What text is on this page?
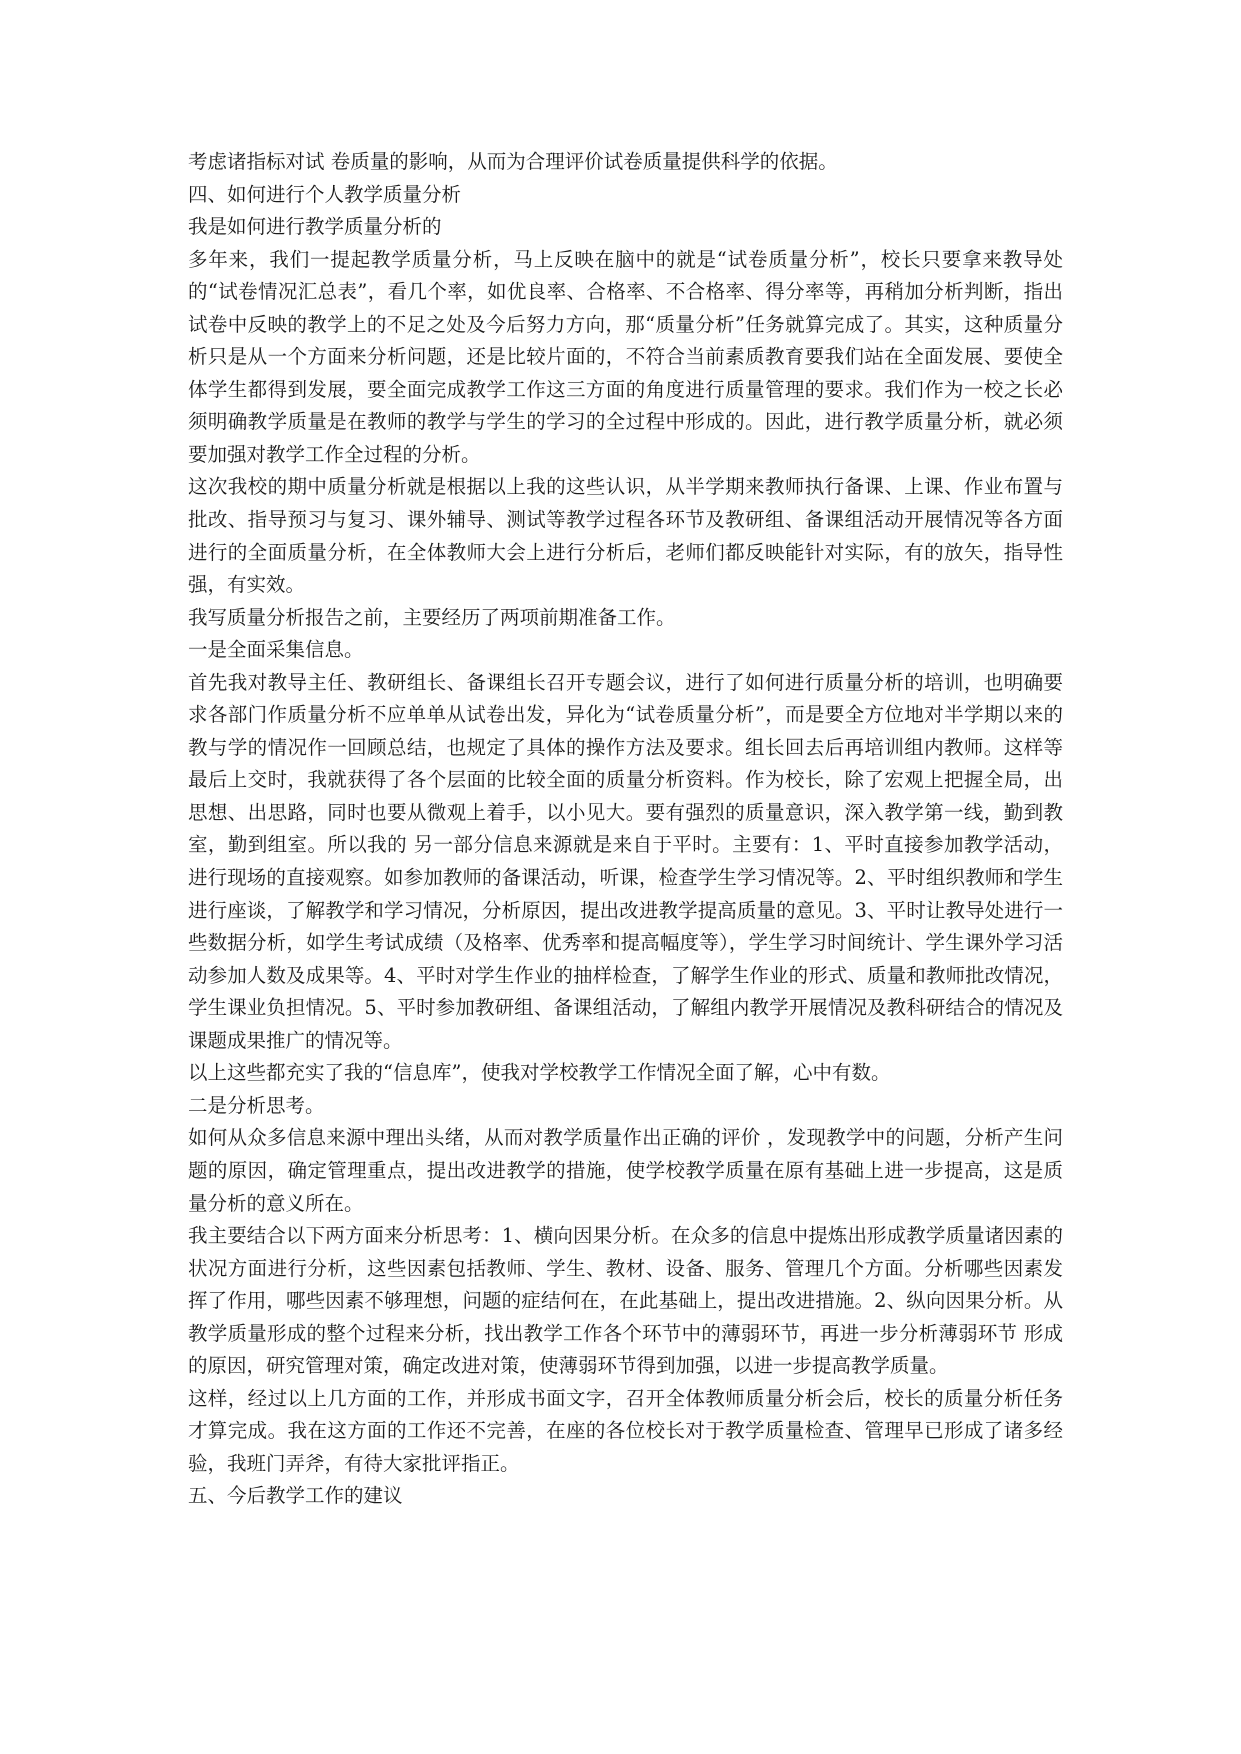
考虑诸指标对试 卷质量的影响，从而为合理评价试卷质量提供科学的依据。

四、如何进行个人教学质量分析

我是如何进行教学质量分析的

多年来，我们一提起教学质量分析，马上反映在脑中的就是“试卷质量分析”，校长只要拿来教导处的“试卷情况汇总表”，看几个率，如优良率、合格率、不合格率、得分率等，再稍加分析判断，指出试卷中反映的教学上的不足之处及今后努力方向，那“质量分析”任务就算完成了。其实，这种质量分析只是从一个方面来分析问题，还是比较片面的，不符合当前素质教育要我们站在全面发展、要使全体学生都得到发展，要全面完成教学工作这三方面的角度进行质量管理的要求。我们作为一校之长必须明确教学质量是在教师的教学与学生的学习的全过程中形成的。因此，进行教学质量分析，就必须要加强对教学工作全过程的分析。

这次我校的期中质量分析就是根据以上我的这些认识，从半学期来教师执行备课、上课、作业布置与批改、指导预习与复习、课外辅导、测试等教学过程各环节及教研组、备课组活动开展情况等各方面进行的全面质量分析，在全体教师大会上进行分析后，老师们都反映能针对实际，有的放矢，指导性强，有实效。

我写质量分析报告之前，主要经历了两项前期准备工作。

一是全面采集信息。

首先我对教导主任、教研组长、备课组长召开专题会议，进行了如何进行质量分析的培训，也明确要求各部门作质量分析不应单单从试卷出发，异化为“试卷质量分析”，而是要全方位地对半学期以来的教与学的情况作一回顾总结，也规定了具体的操作方法及要求。组长回去后再培训组内教师。这样等最后上交时，我就获得了各个层面的比较全面的质量分析资料。作为校长，除了宏观上把握全局，出思想、出思路，同时也要从微观上着手，以小见大。要有强烈的质量意识，深入教学第一线，勤到教室，勤到组室。所以我的 另一部分信息来源就是来自于平时。主要有：1、平时直接参加教学活动，进行现场的直接观察。如参加教师的备课活动，听课，检查学生学习情况等。2、平时组织教师和学生进行座谈，了解教学和学习情况，分析原因，提出改进教学提高质量的意见。3、平时让教导处进行一些数据分析，如学生考试成绩（及格率、优秀率和提高幅度等），学生学习时间统计、学生课外学习活动参加人数及成果等。4、平时对学生作业的抽样检查，了解学生作业的形式、质量和教师批改情况，学生课业负担情况。5、平时参加教研组、备课组活动，了解组内教学开展情况及教科研结合的情况及课题成果推广的情况等。

以上这些都充实了我的“信息库”，使我对学校教学工作情况全面了解，心中有数。

二是分析思考。

如何从众多信息来源中理出头绪，从而对教学质量作出正确的评价 ，发现教学中的问题，分析产生问题的原因，确定管理重点，提出改进教学的措施，使学校教学质量在原有基础上进一步提高，这是质量分析的意义所在。

我主要结合以下两方面来分析思考：1、横向因果分析。在众多的信息中提炼出形成教学质量诸因素的状况方面进行分析，这些因素包括教师、学生、教材、设备、服务、管理几个方面。分析哪些因素发挥了作用，哪些因素不够理想，问题的症结何在，在此基础上，提出改进措施。2、纵向因果分析。从教学质量形成的整个过程来分析，找出教学工作各个环节中的薄弱环节，再进一步分析薄弱环节 形成的原因，研究管理对策，确定改进对策，使薄弱环节得到加强，以进一步提高教学质量。

这样，经过以上几方面的工作，并形成书面文字，召开全体教师质量分析会后，校长的质量分析任务才算完成。我在这方面的工作还不完善，在座的各位校长对于教学质量检查、管理早已形成了诸多经验，我班门弄斧，有待大家批评指正。

五、今后教学工作的建议
